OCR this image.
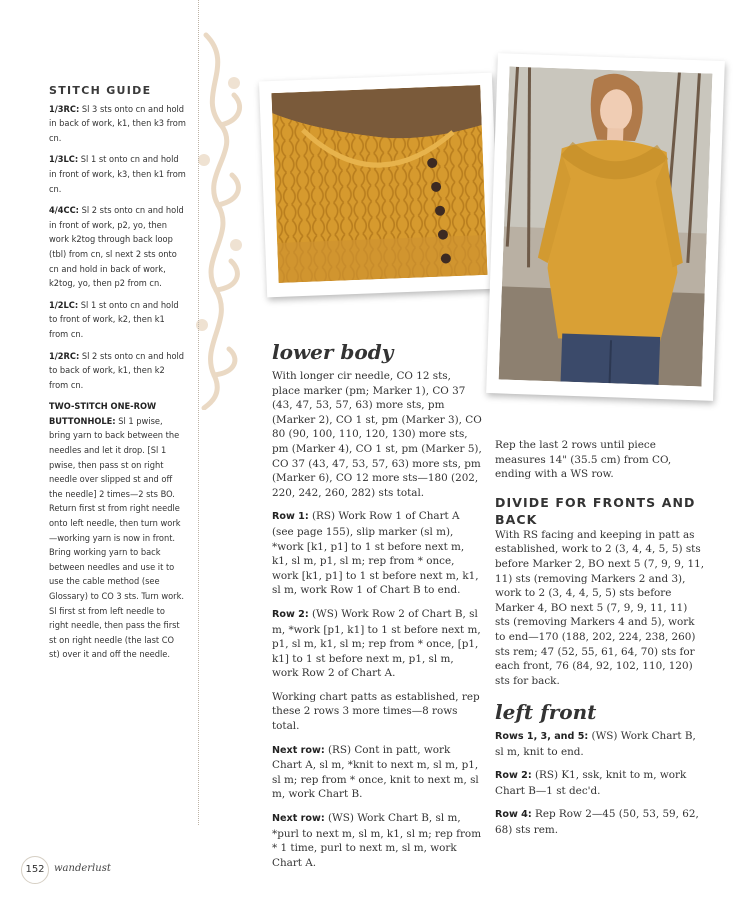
STITCH GUIDE
1/3RC: Sl 3 sts onto cn and hold in back of work, k1, then k3 from cn.
1/3LC: Sl 1 st onto cn and hold in front of work, k3, then k1 from cn.
4/4CC: Sl 2 sts onto cn and hold in front of work, p2, yo, then work k2tog through back loop (tbl) from cn, sl next 2 sts onto cn and hold in back of work, k2tog, yo, then p2 from cn.
1/2LC: Sl 1 st onto cn and hold to front of work, k2, then k1 from cn.
1/2RC: Sl 2 sts onto cn and hold to back of work, k1, then k2 from cn.
TWO-STITCH ONE-ROW BUTTONHOLE: Sl 1 pwise, bring yarn to back between the needles and let it drop. [Sl 1 pwise, then pass st on right needle over slipped st and off the needle] 2 times—2 sts BO. Return first st from right needle onto left needle, then turn work—working yarn is now in front. Bring working yarn to back between needles and use it to use the cable method (see Glossary) to CO 3 sts. Turn work. Sl first st from left needle to right needle, then pass the first st on right needle (the last CO st) over it and off the needle.
lower body

With longer cir needle, CO 12 sts, place marker (pm; Marker 1), CO 37 (43, 47, 53, 57, 63) more sts, pm (Marker 2), CO 1 st, pm (Marker 3), CO 80 (90, 100, 110, 120, 130) more sts, pm (Marker 4), CO 1 st, pm (Marker 5), CO 37 (43, 47, 53, 57, 63) more sts, pm (Marker 6), CO 12 more sts—180 (202, 220, 242, 260, 282) sts total.

Row 1: (RS) Work Row 1 of Chart A (see page 155), slip marker (sl m), *work [k1, p1] to 1 st before next m, k1, sl m, p1, sl m; rep from * once, work [k1, p1] to 1 st before next m, k1, sl m, work Row 1 of Chart B to end.

Row 2: (WS) Work Row 2 of Chart B, sl m, *work [p1, k1] to 1 st before next m, p1, sl m, k1, sl m; rep from * once, [p1, k1] to 1 st before next m, p1, sl m, work Row 2 of Chart A.

Working chart patts as established, rep these 2 rows 3 more times—8 rows total.

Next row: (RS) Cont in patt, work Chart A, sl m, *knit to next m, sl m, p1, sl m; rep from * once, knit to next m, sl m, work Chart B.

Next row: (WS) Work Chart B, sl m, *purl to next m, sl m, k1, sl m; rep from * 1 time, purl to next m, sl m, work Chart A.

Rep the last 2 rows until piece measures 14" (35.5 cm) from CO, ending with a WS row.

DIVIDE FOR FRONTS AND BACK

With RS facing and keeping in patt as established, work to 2 (3, 4, 4, 5, 5) sts before Marker 2, BO next 5 (7, 9, 9, 11, 11) sts (removing Markers 2 and 3), work to 2 (3, 4, 4, 5, 5) sts before Marker 4, BO next 5 (7, 9, 9, 11, 11) sts (removing Markers 4 and 5), work to end—170 (188, 202, 224, 238, 260) sts rem; 47 (52, 55, 61, 64, 70) sts for each front, 76 (84, 92, 102, 110, 120) sts for back.

left front

Rows 1, 3, and 5: (WS) Work Chart B, sl m, knit to end.

Row 2: (RS) K1, ssk, knit to m, work Chart B—1 st dec'd.

Row 4: Rep Row 2—45 (50, 53, 59, 62, 68) sts rem.

152 wanderlust
